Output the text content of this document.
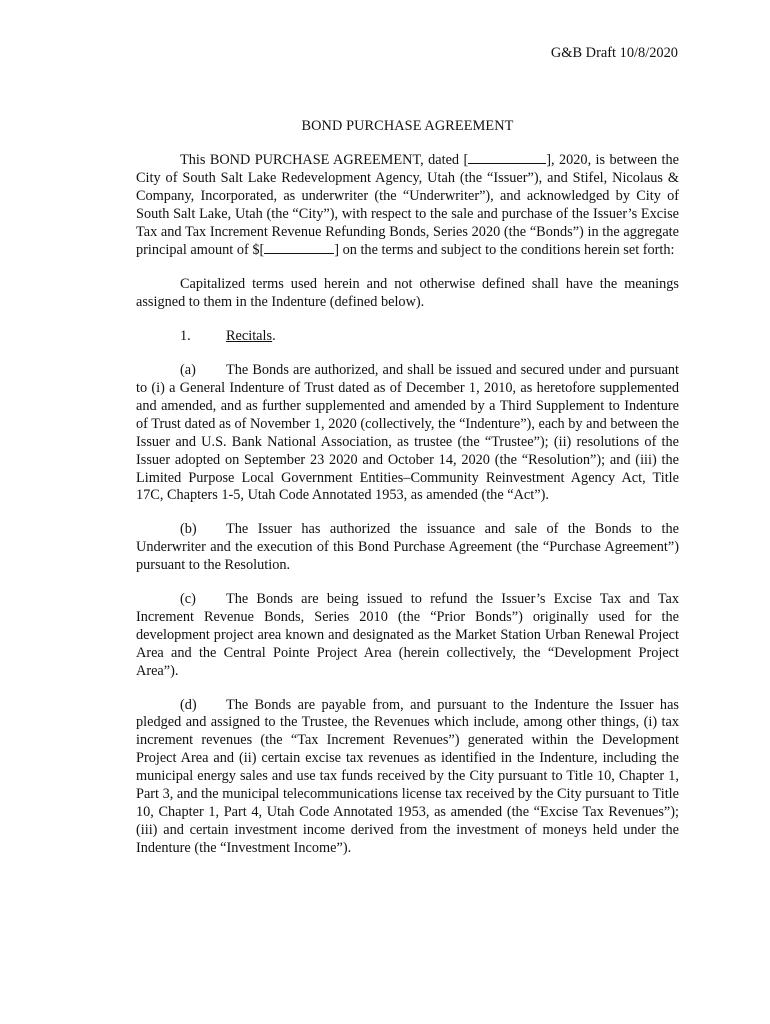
G&B Draft 10/8/2020
BOND PURCHASE AGREEMENT

This BOND PURCHASE AGREEMENT, dated [	], 2020, is between the City of South Salt Lake Redevelopment Agency, Utah (the “Issuer”), and Stifel, Nicolaus & Company, Incorporated, as underwriter (the “Underwriter”), and acknowledged by City of South Salt Lake, Utah (the “City”), with respect to the sale and purchase of the Issuer’s Excise Tax and Tax Increment Revenue Refunding Bonds, Series 2020 (the “Bonds”) in the aggregate principal amount of $[	] on the terms and subject to the conditions herein set forth:

Capitalized terms used herein and not otherwise defined shall have the meanings assigned to them in the Indenture (defined below).

1.	Recitals .

(a) The Bonds are authorized, and shall be issued and secured under and pursuant to (i) a General Indenture of Trust dated as of December 1, 2010, as heretofore supplemented and amended, and as further supplemented and amended by a Third Supplement to Indenture of Trust dated as of November 1, 2020 (collectively, the “Indenture”), each by and between the Issuer and U.S. Bank National Association, as trustee (the “Trustee”); (ii) resolutions of the Issuer adopted on September 23 2020 and October 14, 2020 (the “Resolution”); and (iii) the Limited Purpose Local Government Entities–Community Reinvestment Agency Act, Title 17C, Chapters 1-5, Utah Code Annotated 1953, as amended (the “Act”).

(b) The Issuer has authorized the issuance and sale of the Bonds to the Underwriter and the execution of this Bond Purchase Agreement (the “Purchase Agreement”) pursuant to the Resolution.

(c) The Bonds are being issued to refund the Issuer’s Excise Tax and Tax Increment Revenue Bonds, Series 2010 (the “Prior Bonds”) originally used for the development project area known and designated as the Market Station Urban Renewal Project Area and the Central Pointe Project Area (herein collectively, the “Development Project Area”).

(d) The Bonds are payable from, and pursuant to the Indenture the Issuer has pledged and assigned to the Trustee, the Revenues which include, among other things, (i) tax increment revenues (the “Tax Increment Revenues”) generated within the Development Project Area and (ii) certain excise tax revenues as identified in the Indenture, including the municipal energy sales and use tax funds received by the City pursuant to Title 10, Chapter 1, Part 3, and the municipal telecommunications license tax received by the City pursuant to Title 10, Chapter 1, Part 4, Utah Code Annotated 1953, as amended (the “Excise Tax Revenues”); (iii) and certain investment income derived from the investment of moneys held under the Indenture (the “Investment Income”).
